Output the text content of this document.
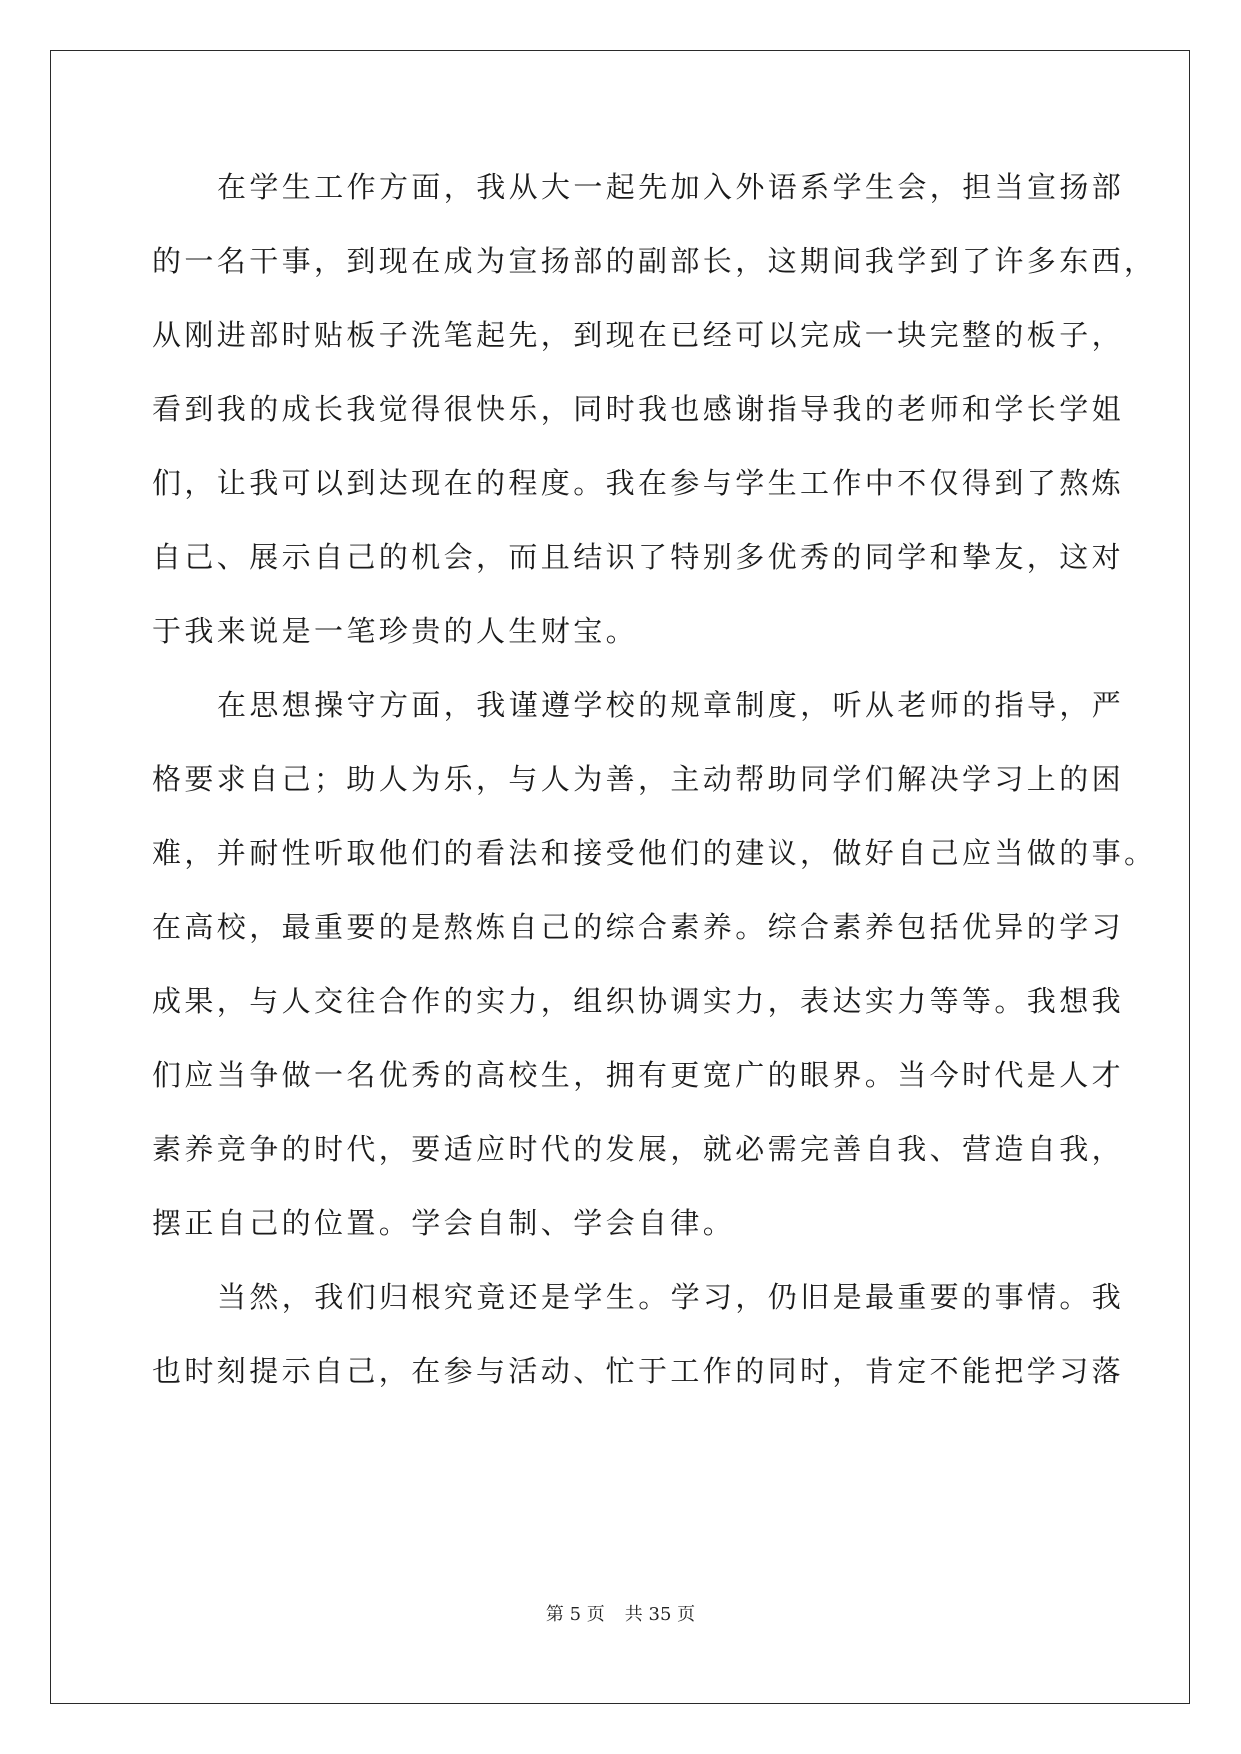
在学生工作方面，我从大一起先加入外语系学生会，担当宣扬部
的一名干事，到现在成为宣扬部的副部长，这期间我学到了许多东西，
从刚进部时贴板子洗笔起先，到现在已经可以完成一块完整的板子，
看到我的成长我觉得很快乐，同时我也感谢指导我的老师和学长学姐
们，让我可以到达现在的程度。我在参与学生工作中不仅得到了熬炼
自己、展示自己的机会，而且结识了特别多优秀的同学和挚友，这对
于我来说是一笔珍贵的人生财宝。
在思想操守方面，我谨遵学校的规章制度，听从老师的指导，严
格要求自己；助人为乐，与人为善，主动帮助同学们解决学习上的困
难，并耐性听取他们的看法和接受他们的建议，做好自己应当做的事。
在高校，最重要的是熬炼自己的综合素养。综合素养包括优异的学习
成果，与人交往合作的实力，组织协调实力，表达实力等等。我想我
们应当争做一名优秀的高校生，拥有更宽广的眼界。当今时代是人才
素养竞争的时代，要适应时代的发展，就必需完善自我、营造自我，
摆正自己的位置。学会自制、学会自律。
当然，我们归根究竟还是学生。学习，仍旧是最重要的事情。我
也时刻提示自己，在参与活动、忙于工作的同时，肯定不能把学习落
第 5 页 共 35 页
